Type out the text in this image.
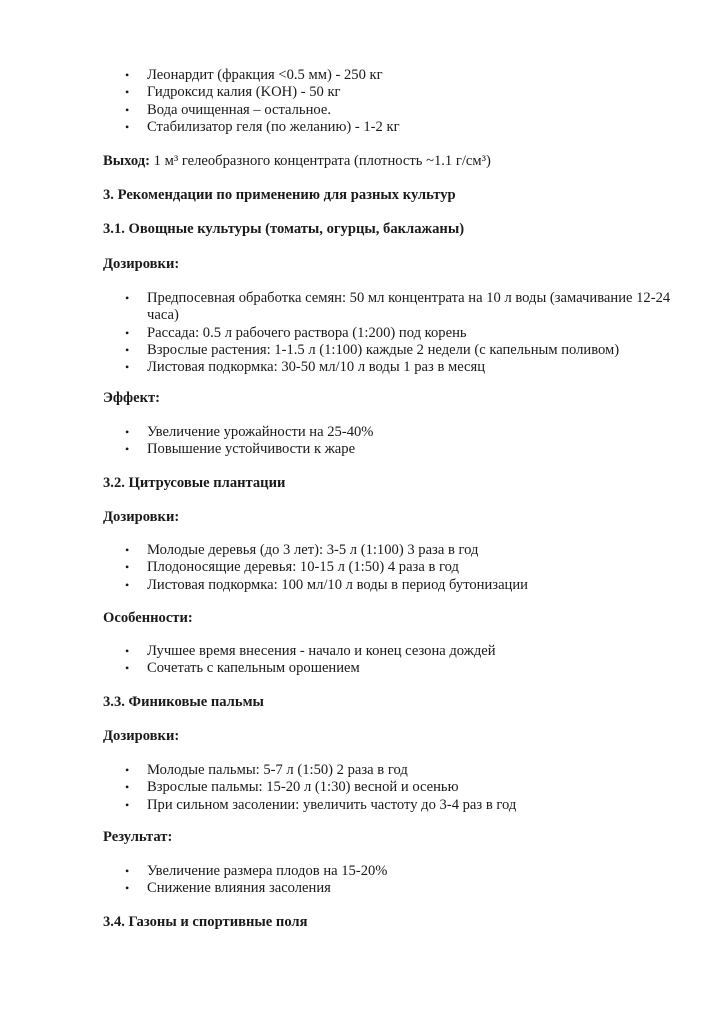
• Леонардит (фракция <0.5 мм) - 250 кг
• Гидроксид калия (KOH) - 50 кг
• Вода очищенная – остальное.
• Стабилизатор геля (по желанию) - 1-2 кг

Выход: 1 м³ гелеобразного концентрата (плотность ~1.1 г/см³)

3. Рекомендации по применению для разных культур

3.1. Овощные культуры (томаты, огурцы, баклажаны)

Дозировки:

• Предпосевная обработка семян: 50 мл концентрата на 10 л воды (замачивание 12-24 часа)
• Рассада: 0.5 л рабочего раствора (1:200) под корень
• Взрослые растения: 1-1.5 л (1:100) каждые 2 недели (с капельным поливом)
• Листовая подкормка: 30-50 мл/10 л воды 1 раз в месяц

Эффект:

• Увеличение урожайности на 25-40%
• Повышение устойчивости к жаре

3.2. Цитрусовые плантации

Дозировки:

• Молодые деревья (до 3 лет): 3-5 л (1:100) 3 раза в год
• Плодоносящие деревья: 10-15 л (1:50) 4 раза в год
• Листовая подкормка: 100 мл/10 л воды в период бутонизации

Особенности:

• Лучшее время внесения - начало и конец сезона дождей
• Сочетать с капельным орошением

3.3. Финиковые пальмы

Дозировки:

• Молодые пальмы: 5-7 л (1:50) 2 раза в год
• Взрослые пальмы: 15-20 л (1:30) весной и осенью
• При сильном засолении: увеличить частоту до 3-4 раз в год

Результат:

• Увеличение размера плодов на 15-20%
• Снижение влияния засоления

3.4. Газоны и спортивные поля
